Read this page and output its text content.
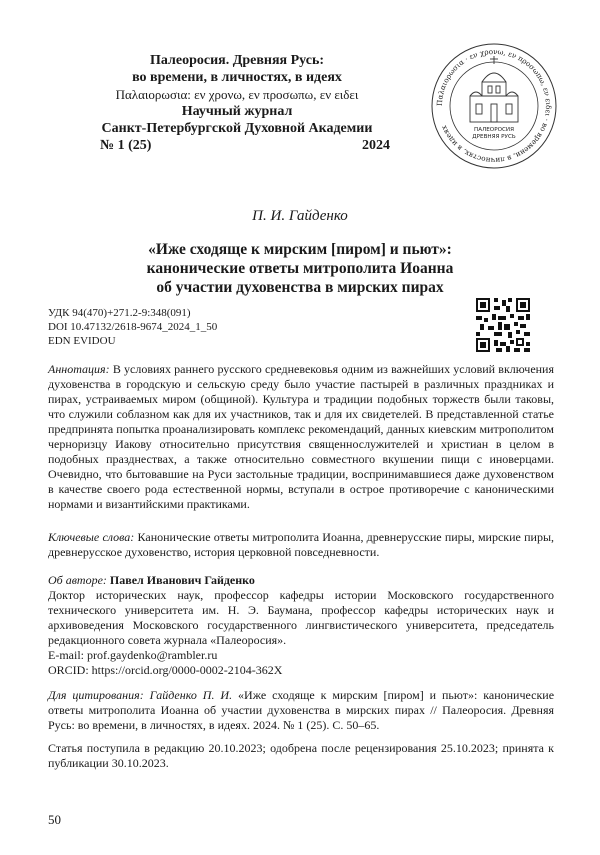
Палеоросия. Древняя Русь:
во времени, в личностях, в идеях
Παλαιορωσια: εν χρονω, εν προσωπω, εν ειδει
Научный журнал
Санкт-Петербургской Духовной Академии
№ 1 (25)	2024
Παλαιορωσια · εν χρονω, εν προσωπω, εν ειδει · во времени, в личностях, в идеях	ПАЛЕОРОСИЯ
ДРЕВНЯЯ РУСЬ
П. И. Гайденко
«Иже сходяще к мирским [пиром] и пьют»:
канонические ответы митрополита Иоанна
об участии духовенства в мирских пирах
УДК 94(470)+271.2-9:348(091)
DOI 10.47132/2618-9674_2024_1_50
EDN EVIDOU
Аннотация: В условиях раннего русского средневековья одним из важнейших условий включения духовенства в городскую и сельскую среду было участие пастырей в различных праздниках и пирах, устраиваемых миром (общиной). Культура и традиции подобных торжеств были таковы, что служили соблазном как для их участников, так и для их свидетелей. В представленной статье предпринята попытка проанализировать комплекс рекомендаций, данных киевским митрополитом черноризцу Иакову относительно присутствия священнослужителей и христиан в целом в подобных празднествах, а также относительно совместного вкушении пищи с иноверцами. Очевидно, что бытовавшие на Руси застольные традиции, воспринимавшиеся даже духовенством в качестве своего рода естественной нормы, вступали в острое противоречие с каноническими нормами и византийскими практиками.
Ключевые слова: Канонические ответы митрополита Иоанна, древнерусские пиры, мирские пиры, древнерусское духовенство, история церковной повседневности.
Об авторе: Павел Иванович Гайденко
Доктор исторических наук, профессор кафедры истории Московского государственного технического университета им. Н. Э. Баумана, профессор кафедры исторических наук и архивоведения Московского государственного лингвистического университета, председатель редакционного совета журнала «Палеоросия».
E-mail: prof.gaydenko@rambler.ru
ORCID: https://orcid.org/0000-0002-2104-362X
Для цитирования: Гайденко П. И. «Иже сходяще к мирским [пиром] и пьют»: канонические ответы митрополита Иоанна об участии духовенства в мирских пирах // Палеоросия. Древняя Русь: во времени, в личностях, в идеях. 2024. № 1 (25). С. 50–65.
Статья поступила в редакцию 20.10.2023; одобрена после рецензирования 25.10.2023; принята к публикации 30.10.2023.
50
